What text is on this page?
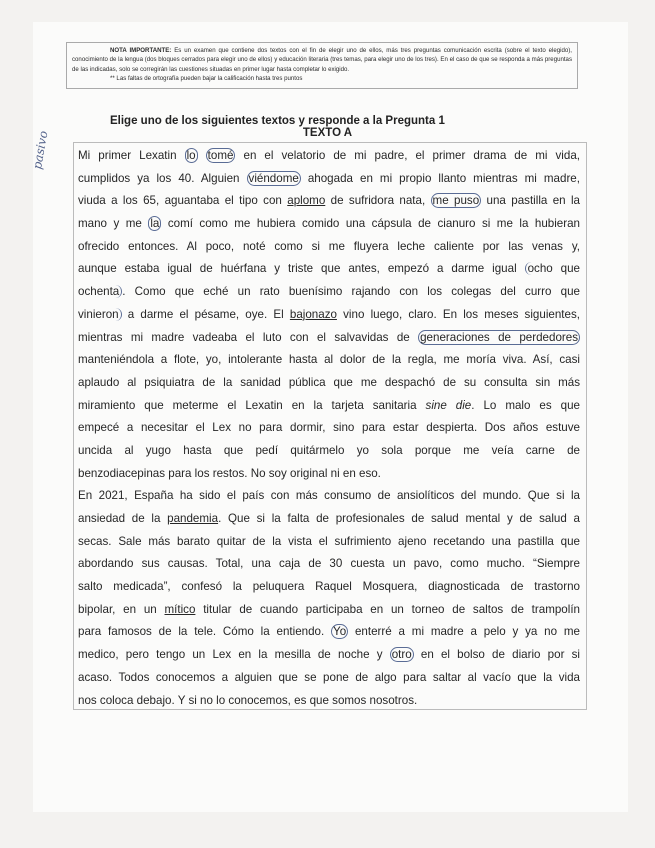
NOTA IMPORTANTE: Es un examen que contiene dos textos con el fin de elegir uno de ellos, más tres preguntas comunicación escrita (sobre el texto elegido), conocimiento de la lengua (dos bloques cerrados para elegir uno de ellos) y educación literaria (tres temas, para elegir uno de los tres). En el caso de que se responda a más preguntas de las indicadas, solo se corregirán las cuestiones situadas en primer lugar hasta completar lo exigido.
** Las faltas de ortografía pueden bajar la calificación hasta tres puntos
Elige uno de los siguientes textos y responde a la Pregunta 1
TEXTO A
pasivo Mi primer Lexatin lo tomé en el velatorio de mi padre, el primer drama de mi vida,
cumplidos ya los 40. Alguien viéndome ahogada en mi propio llanto mientras mi madre,
viuda a los 65, aguantaba el tipo con aplomo de sufridora nata, me puso una pastilla en la
mano y me la comí como me hubiera comido una cápsula de cianuro si me la hubieran
ofrecido entonces. Al poco, noté como si me fluyera leche caliente por las venas y,
aunque estaba igual de huérfana y triste que antes, empezó a darme igual ocho que
ochenta . Como que eché un rato buenísimo rajando con los colegas del curro que
vinieron a darme el pésame, oye. El bajonazo vino luego, claro. En los meses siguientes,
mientras mi madre vadeaba el luto con el salvavidas de generaciones de perdedores
manteniéndola a flote, yo, intolerante hasta al dolor de la regla, me moría viva. Así, casi
aplaudo al psiquiatra de la sanidad pública que me despachó de su consulta sin más
miramiento que meterme el Lexatin en la tarjeta sanitaria sine die. Lo malo es que
empecé a necesitar el Lex no para dormir, sino para estar despierta. Dos años estuve
uncida al yugo hasta que pedí quitármelo yo sola porque me veía carne de
benzodiacepinas para los restos. No soy original ni en eso.
En 2021, España ha sido el país con más consumo de ansiolíticos del mundo. Que si la
ansiedad de la pandemia. Que si la falta de profesionales de salud mental y de salud a
secas. Sale más barato quitar de la vista el sufrimiento ajeno recetando una pastilla que
abordando sus causas. Total, una caja de 30 cuesta un pavo, como mucho. “Siempre
salto medicada”, confesó la peluquera Raquel Mosquera, diagnosticada de trastorno
bipolar, en un mítico titular de cuando participaba en un torneo de saltos de trampolín
para famosos de la tele. Cómo la entiendo. Yo enterré a mi madre a pelo y ya no me
medico, pero tengo un Lex en la mesilla de noche y otro en el bolso de diario por si
acaso. Todos conocemos a alguien que se pone de algo para saltar al vacío que la vida
nos coloca debajo. Y si no lo conocemos, es que somos nosotros.
